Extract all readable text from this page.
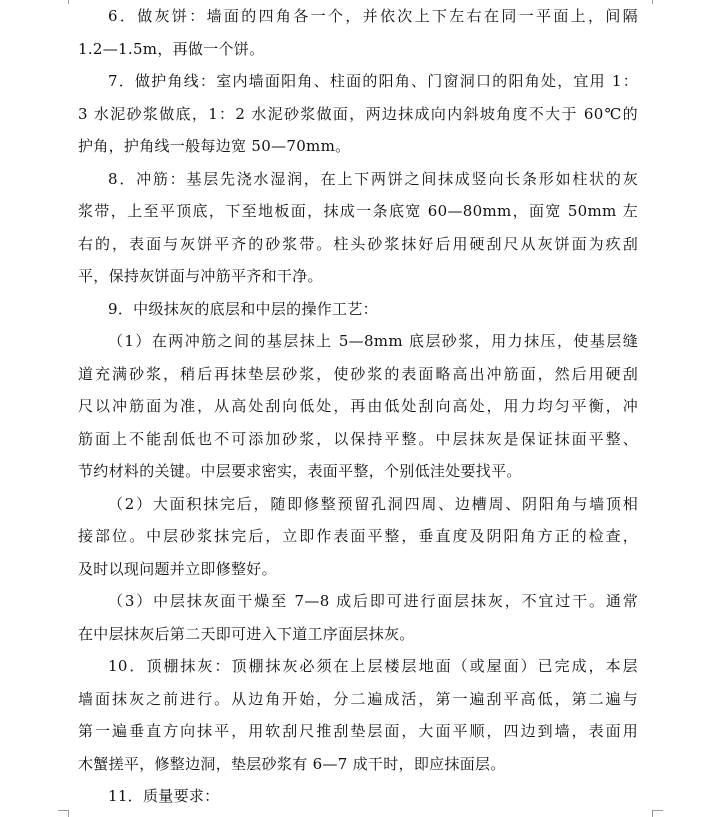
6．做灰饼：墙面的四角各一个，并依次上下左右在同一平面上，间隔
1.2—1.5m，再做一个饼。

7．做护角线：室内墙面阳角、柱面的阳角、门窗洞口的阳角处，宜用 1：
3 水泥砂浆做底，1：2 水泥砂浆做面，两边抹成向内斜坡角度不大于 60℃的
护角，护角线一般每边宽 50—70mm。

8．冲筋：基层先浇水湿润，在上下两饼之间抹成竖向长条形如柱状的灰
浆带，上至平顶底，下至地板面，抹成一条底宽 60—80mm，面宽 50mm 左
右的，表面与灰饼平齐的砂浆带。柱头砂浆抹好后用硬刮尺从灰饼面为疚刮
平，保持灰饼面与冲筋平齐和干净。

9．中级抹灰的底层和中层的操作工艺：

（1）在两冲筋之间的基层抹上 5—8mm 底层砂浆，用力抹压，使基层缝
道充满砂浆，稍后再抹垫层砂浆，使砂浆的表面略高出冲筋面，然后用硬刮
尺以冲筋面为准，从高处刮向低处，再由低处刮向高处，用力均匀平衡，冲
筋面上不能刮低也不可添加砂浆，以保持平整。中层抹灰是保证抹面平整、
节约材料的关键。中层要求密实，表面平整，个别低洼处要找平。

（2）大面积抹完后，随即修整预留孔洞四周、边槽周、阴阳角与墙顶相
接部位。中层砂浆抹完后，立即作表面平整，垂直度及阴阳角方正的检查，
及时以现问题并立即修整好。

（3）中层抹灰面干燥至 7—8 成后即可进行面层抹灰，不宜过干。通常
在中层抹灰后第二天即可进入下道工序面层抹灰。

10．顶棚抹灰：顶棚抹灰必须在上层楼层地面（或屋面）已完成，本层
墙面抹灰之前进行。从边角开始，分二遍成活，第一遍刮平高低，第二遍与
第一遍垂直方向抹平，用软刮尺推刮垫层面，大面平顺，四边到墙，表面用
木蟹搓平，修整边洞，垫层砂浆有 6—7 成干时，即应抹面层。

11．质量要求：
